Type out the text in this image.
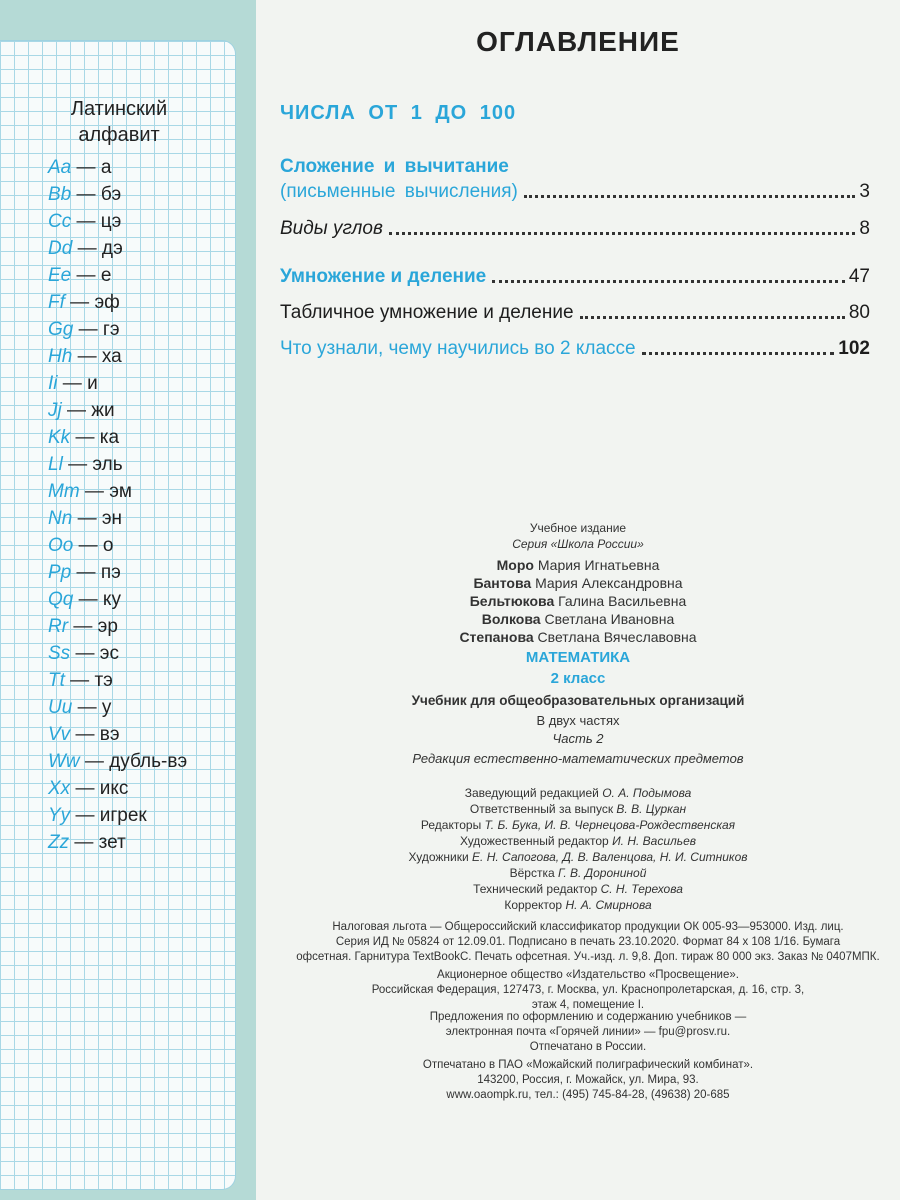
Латинский
алфавит
Aa — а
Bb — бэ
Cc — цэ
Dd — дэ
Ee — е
Ff — эф
Gg — гэ
Hh — ха
Ii — и
Jj — жи
Kk — ка
Ll — эль
Mm — эм
Nn — эн
Oo — о
Pp — пэ
Qq — ку
Rr — эр
Ss — эс
Tt — тэ
Uu — у
Vv — вэ
Ww — дубль-вэ
Xx — икс
Yy — игрек
Zz — зет
ОГЛАВЛЕНИЕ
ЧИСЛА ОТ 1 ДО 100
Сложение и вычитание
(письменные вычисления)	3
Виды углов	8
Умножение и деление	47
Табличное умножение и деление	80
Что узнали, чему научились во 2 классе	102
Учебное издание
Серия «Школа России»
Моро Мария Игнатьевна
Бантова Мария Александровна
Бельтюкова Галина Васильевна
Волкова Светлана Ивановна
Степанова Светлана Вячеславовна
МАТЕМАТИКА
2 класс
Учебник для общеобразовательных организаций
В двух частях
Часть 2
Редакция естественно-математических предметов
Заведующий редакцией О. А. Подымова
Ответственный за выпуск В. В. Цуркан
Редакторы Т. Б. Бука, И. В. Чернецова-Рождественская
Художественный редактор И. Н. Васильев
Художники Е. Н. Сапогова, Д. В. Валенцова, Н. И. Ситников
Вёрстка Г. В. Дорониной
Технический редактор С. Н. Терехова
Корректор Н. А. Смирнова
Налоговая льгота — Общероссийский классификатор продукции ОК 005-93—953000. Изд. лиц.
Серия ИД № 05824 от 12.09.01. Подписано в печать 23.10.2020. Формат 84 x 108 1/16. Бумага
офсетная. Гарнитура TextBookC. Печать офсетная. Уч.-изд. л. 9,8. Доп. тираж 80 000 экз. Заказ № 0407МПК.
Акционерное общество «Издательство «Просвещение».
Российская Федерация, 127473, г. Москва, ул. Краснопролетарская, д. 16, стр. 3,
этаж 4, помещение I.
Предложения по оформлению и содержанию учебников —
электронная почта «Горячей линии» — fpu@prosv.ru.
Отпечатано в России.
Отпечатано в ПАО «Можайский полиграфический комбинат».
143200, Россия, г. Можайск, ул. Мира, 93.
www.oaompk.ru, тел.: (495) 745-84-28, (49638) 20-685
